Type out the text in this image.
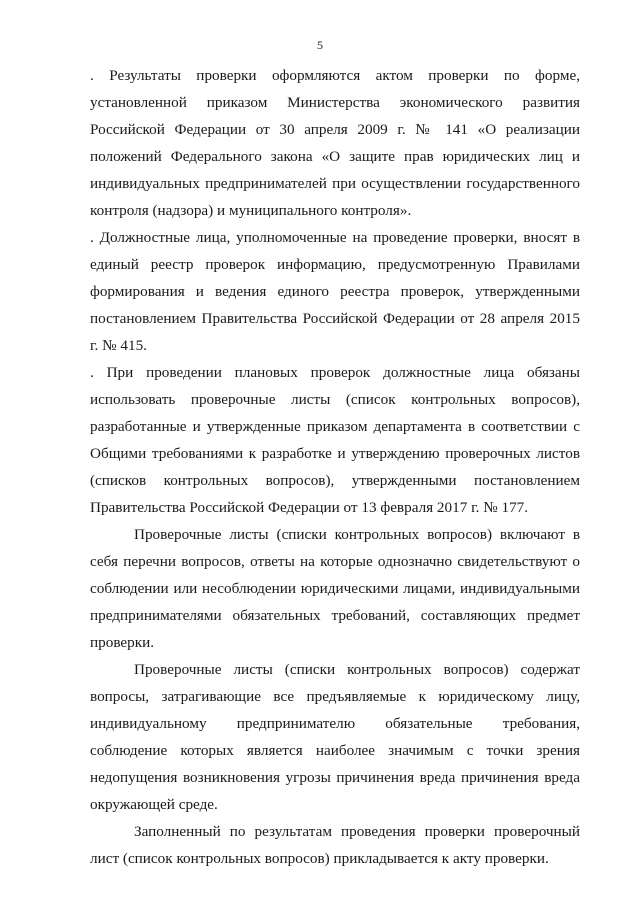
5

. Результаты проверки оформляются актом проверки по форме, установленной приказом Министерства экономического развития Российской Федерации от 30 апреля 2009 г. № 141 «О реализации положений Федерального закона «О защите прав юридических лиц и индивидуальных предпринимателей при осуществлении государственного контроля (надзора) и муниципального контроля».

. Должностные лица, уполномоченные на проведение проверки, вносят в единый реестр проверок информацию, предусмотренную Правилами формирования и ведения единого реестра проверок, утвержденными постановлением Правительства Российской Федерации от 28 апреля 2015 г. № 415.

. При проведении плановых проверок должностные лица обязаны использовать проверочные листы (список контрольных вопросов), разработанные и утвержденные приказом департамента в соответствии с Общими требованиями к разработке и утверждению проверочных листов (списков контрольных вопросов), утвержденными постановлением Правительства Российской Федерации от 13 февраля 2017 г. № 177.

Проверочные листы (списки контрольных вопросов) включают в себя перечни вопросов, ответы на которые однозначно свидетельствуют о соблюдении или несоблюдении юридическими лицами, индивидуальными предпринимателями обязательных требований, составляющих предмет проверки.

Проверочные листы (списки контрольных вопросов) содержат вопросы, затрагивающие все предъявляемые к юридическому лицу, индивидуальному предпринимателю обязательные требования, соблюдение которых является наиболее значимым с точки зрения недопущения возникновения угрозы причинения вреда причинения вреда окружающей среде.

Заполненный по результатам проведения проверки проверочный лист (список контрольных вопросов) прикладывается к акту проверки.
